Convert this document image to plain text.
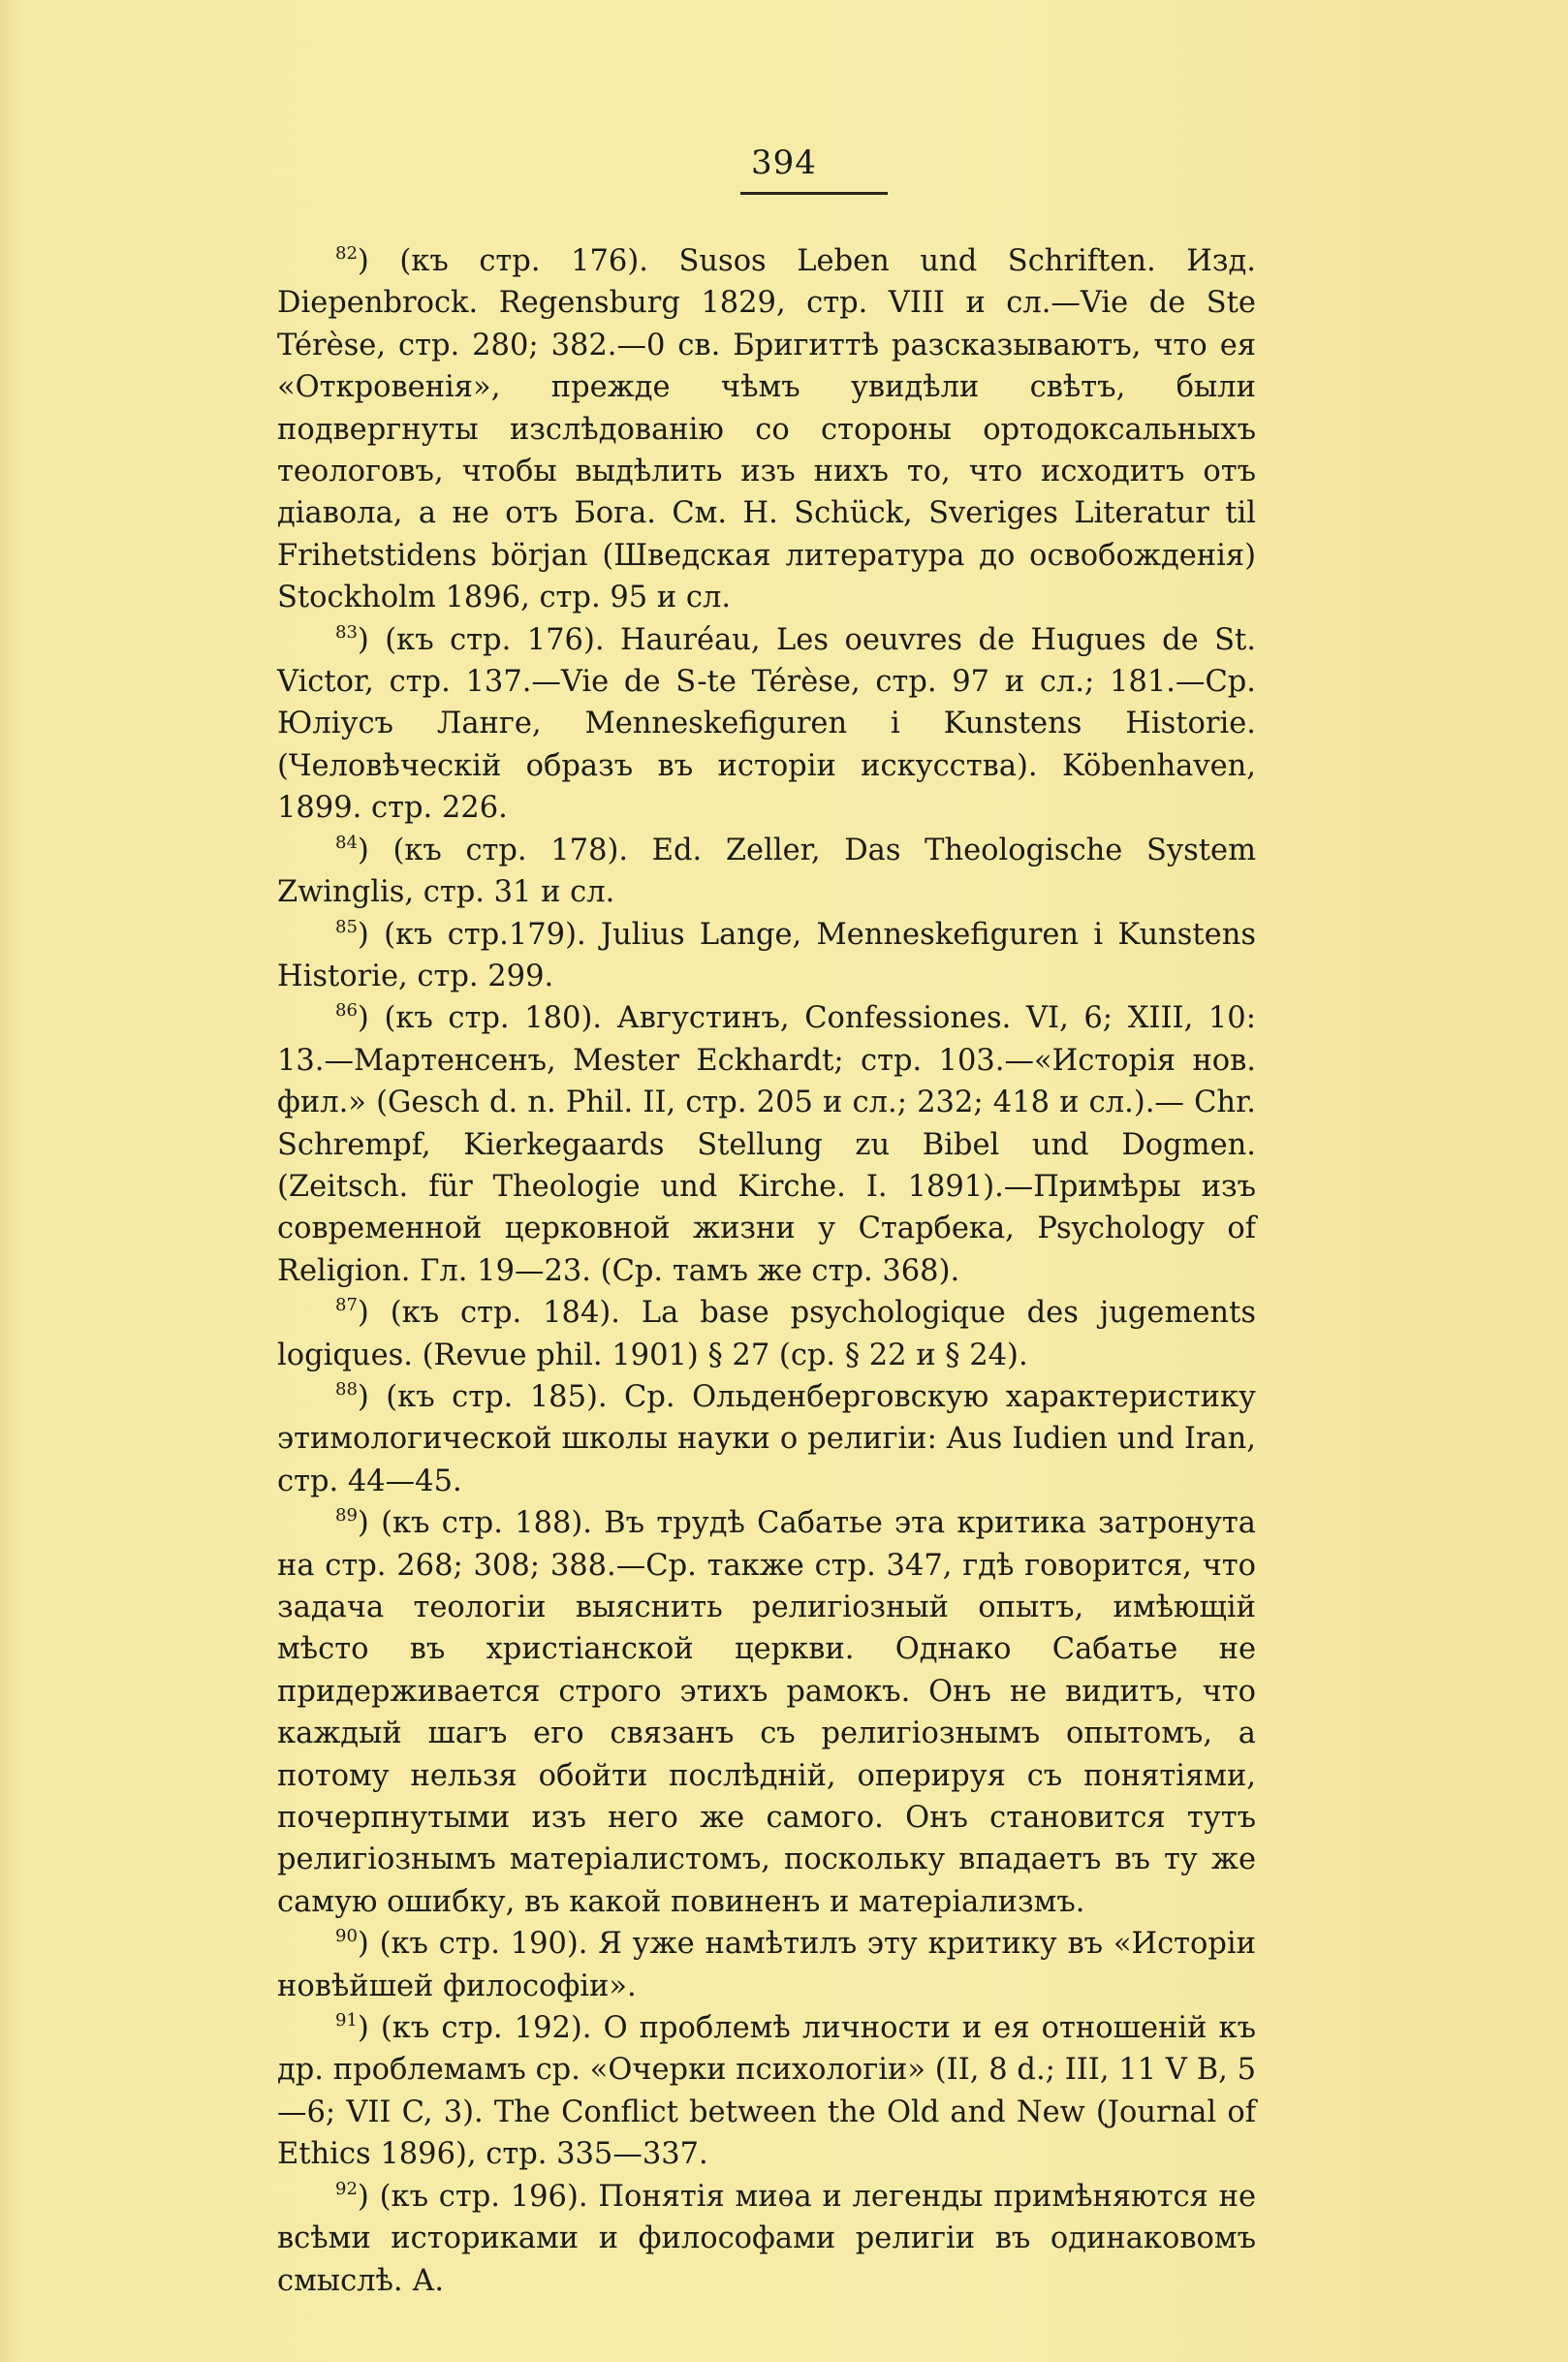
394

$^{82}$) (къ стр. 176). Susos Leben und Schriften. Изд. Diepenbrock. Regensburg 1829, стр. VIII и сл.—Vie de Ste Térèse, стр. 280; 382.—0 св. Бригиттѣ разсказываютъ, что ея «Откровенія», прежде чѣмъ увидѣли свѣтъ, были подвергнуты изслѣдованію со стороны ортодоксальныхъ теологовъ, чтобы выдѣлить изъ нихъ то, что исходитъ отъ діавола, а не отъ Бога. См. H. Schück, Sveriges Literatur til Frihetstidens början (Шведская литература до освобожденія) Stockholm 1896, стр. 95 и сл.

$^{83}$) (къ стр. 176). Hauréau, Les oeuvres de Hugues de St. Victor, стр. 137.—Vie de S-te Térèse, стр. 97 и сл.; 181.—Ср. Юліусъ Ланге, Menneskefiguren i Kunstens Historie. (Человѣческій образъ въ исторіи искусства). Köbenhaven, 1899. стр. 226.

$^{84}$) (къ стр. 178). Ed. Zeller, Das Theologische System Zwinglis, стр. 31 и сл.

$^{85}$) (къ стр.179). Julius Lange, Menneskefiguren i Kunstens Historie, стр. 299.

$^{86}$) (къ стр. 180). Августинъ, Confessiones. VI, 6; XIII, 10: 13.—Мартенсенъ, Mester Eckhardt; стр. 103.—«Исторія нов. фил.» (Gesch d. n. Phil. II, стр. 205 и сл.; 232; 418 и сл.).— Chr. Schrempf, Kierkegaards Stellung zu Bibel und Dogmen. (Zeitsch. für Theologie und Kirche. I. 1891).—Примѣры изъ современной церковной жизни у Старбека, Psychology of Religion. Гл. 19—23. (Ср. тамъ же стр. 368).

$^{87}$) (къ стр. 184). La base psychologique des jugements logiques. (Revue phil. 1901) § 27 (ср. § 22 и § 24).

$^{88}$) (къ стр. 185). Ср. Ольденберговскую характеристику этимологической школы науки о религіи: Aus Iudien und Iran, стр. 44—45.

$^{89}$) (къ стр. 188). Въ трудѣ Сабатье эта критика затронута на стр. 268; 308; 388.—Ср. также стр. 347, гдѣ говорится, что задача теологіи выяснить религіозный опытъ, имѣющій мѣсто въ христіанской церкви. Однако Сабатье не придерживается строго этихъ рамокъ. Онъ не видитъ, что каждый шагъ его связанъ съ религіознымъ опытомъ, а потому нельзя обойти послѣдній, оперируя съ понятіями, почерпнутыми изъ него же самого. Онъ становится тутъ религіознымъ матеріалистомъ, поскольку впадаетъ въ ту же самую ошибку, въ какой повиненъ и матеріализмъ.

$^{90}$) (къ стр. 190). Я уже намѣтилъ эту критику въ «Исторіи новѣйшей философіи».

$^{91}$) (къ стр. 192). О проблемѣ личности и ея отношеній къ др. проблемамъ ср. «Очерки психологіи» (II, 8 d.; III, 11 V B, 5—6; VII C, 3). The Conflict between the Old and New (Journal of Ethics 1896), стр. 335—337.

$^{92}$) (къ стр. 196). Понятія миѳа и легенды примѣняются не всѣми историками и философами религіи въ одинаковомъ смыслѣ. А.
